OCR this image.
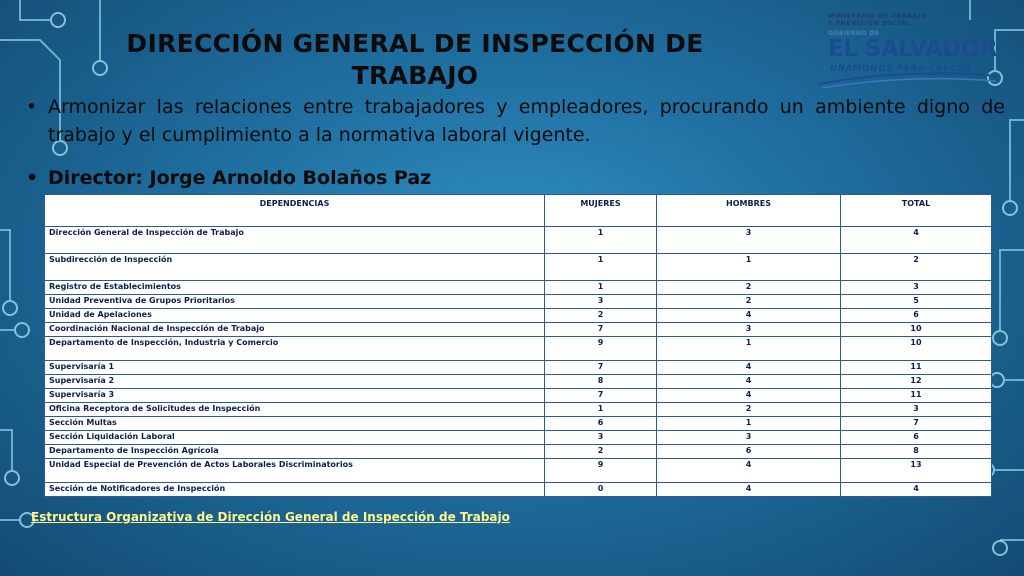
DIRECCIÓN GENERAL DE INSPECCIÓN DE TRABAJO
MINISTERIO DE TRABAJO
Y PREVISIÓN SOCIAL
GOBIERNO DE
EL SALVADOR
UNÁMONOS PARA CRECER
• Armonizar las relaciones entre trabajadores y empleadores, procurando un ambiente digno de trabajo y el cumplimiento a la normativa laboral vigente.
• Director: Jorge Arnoldo Bolaños Paz
DEPENDENCIAS	MUJERES	HOMBRES	TOTAL
Dirección General de Inspección de Trabajo	1	3	4
Subdirección de Inspección	1	1	2
Registro de Establecimientos	1	2	3
Unidad Preventiva de Grupos Prioritarios	3	2	5
Unidad de Apelaciones	2	4	6
Coordinación Nacional de Inspección de Trabajo	7	3	10
Departamento de Inspección, Industria y Comercio	9	1	10
Supervisaría 1	7	4	11
Supervisaría 2	8	4	12
Supervisaría 3	7	4	11
Oficina Receptora de Solicitudes de Inspección	1	2	3
Sección Multas	6	1	7
Sección Liquidación Laboral	3	3	6
Departamento de Inspección Agrícola	2	6	8
Unidad Especial de Prevención de Actos Laborales Discriminatorios	9	4	13
Sección de Notificadores de Inspección	0	4	4
Estructura Organizativa de Dirección General de Inspección de Trabajo
